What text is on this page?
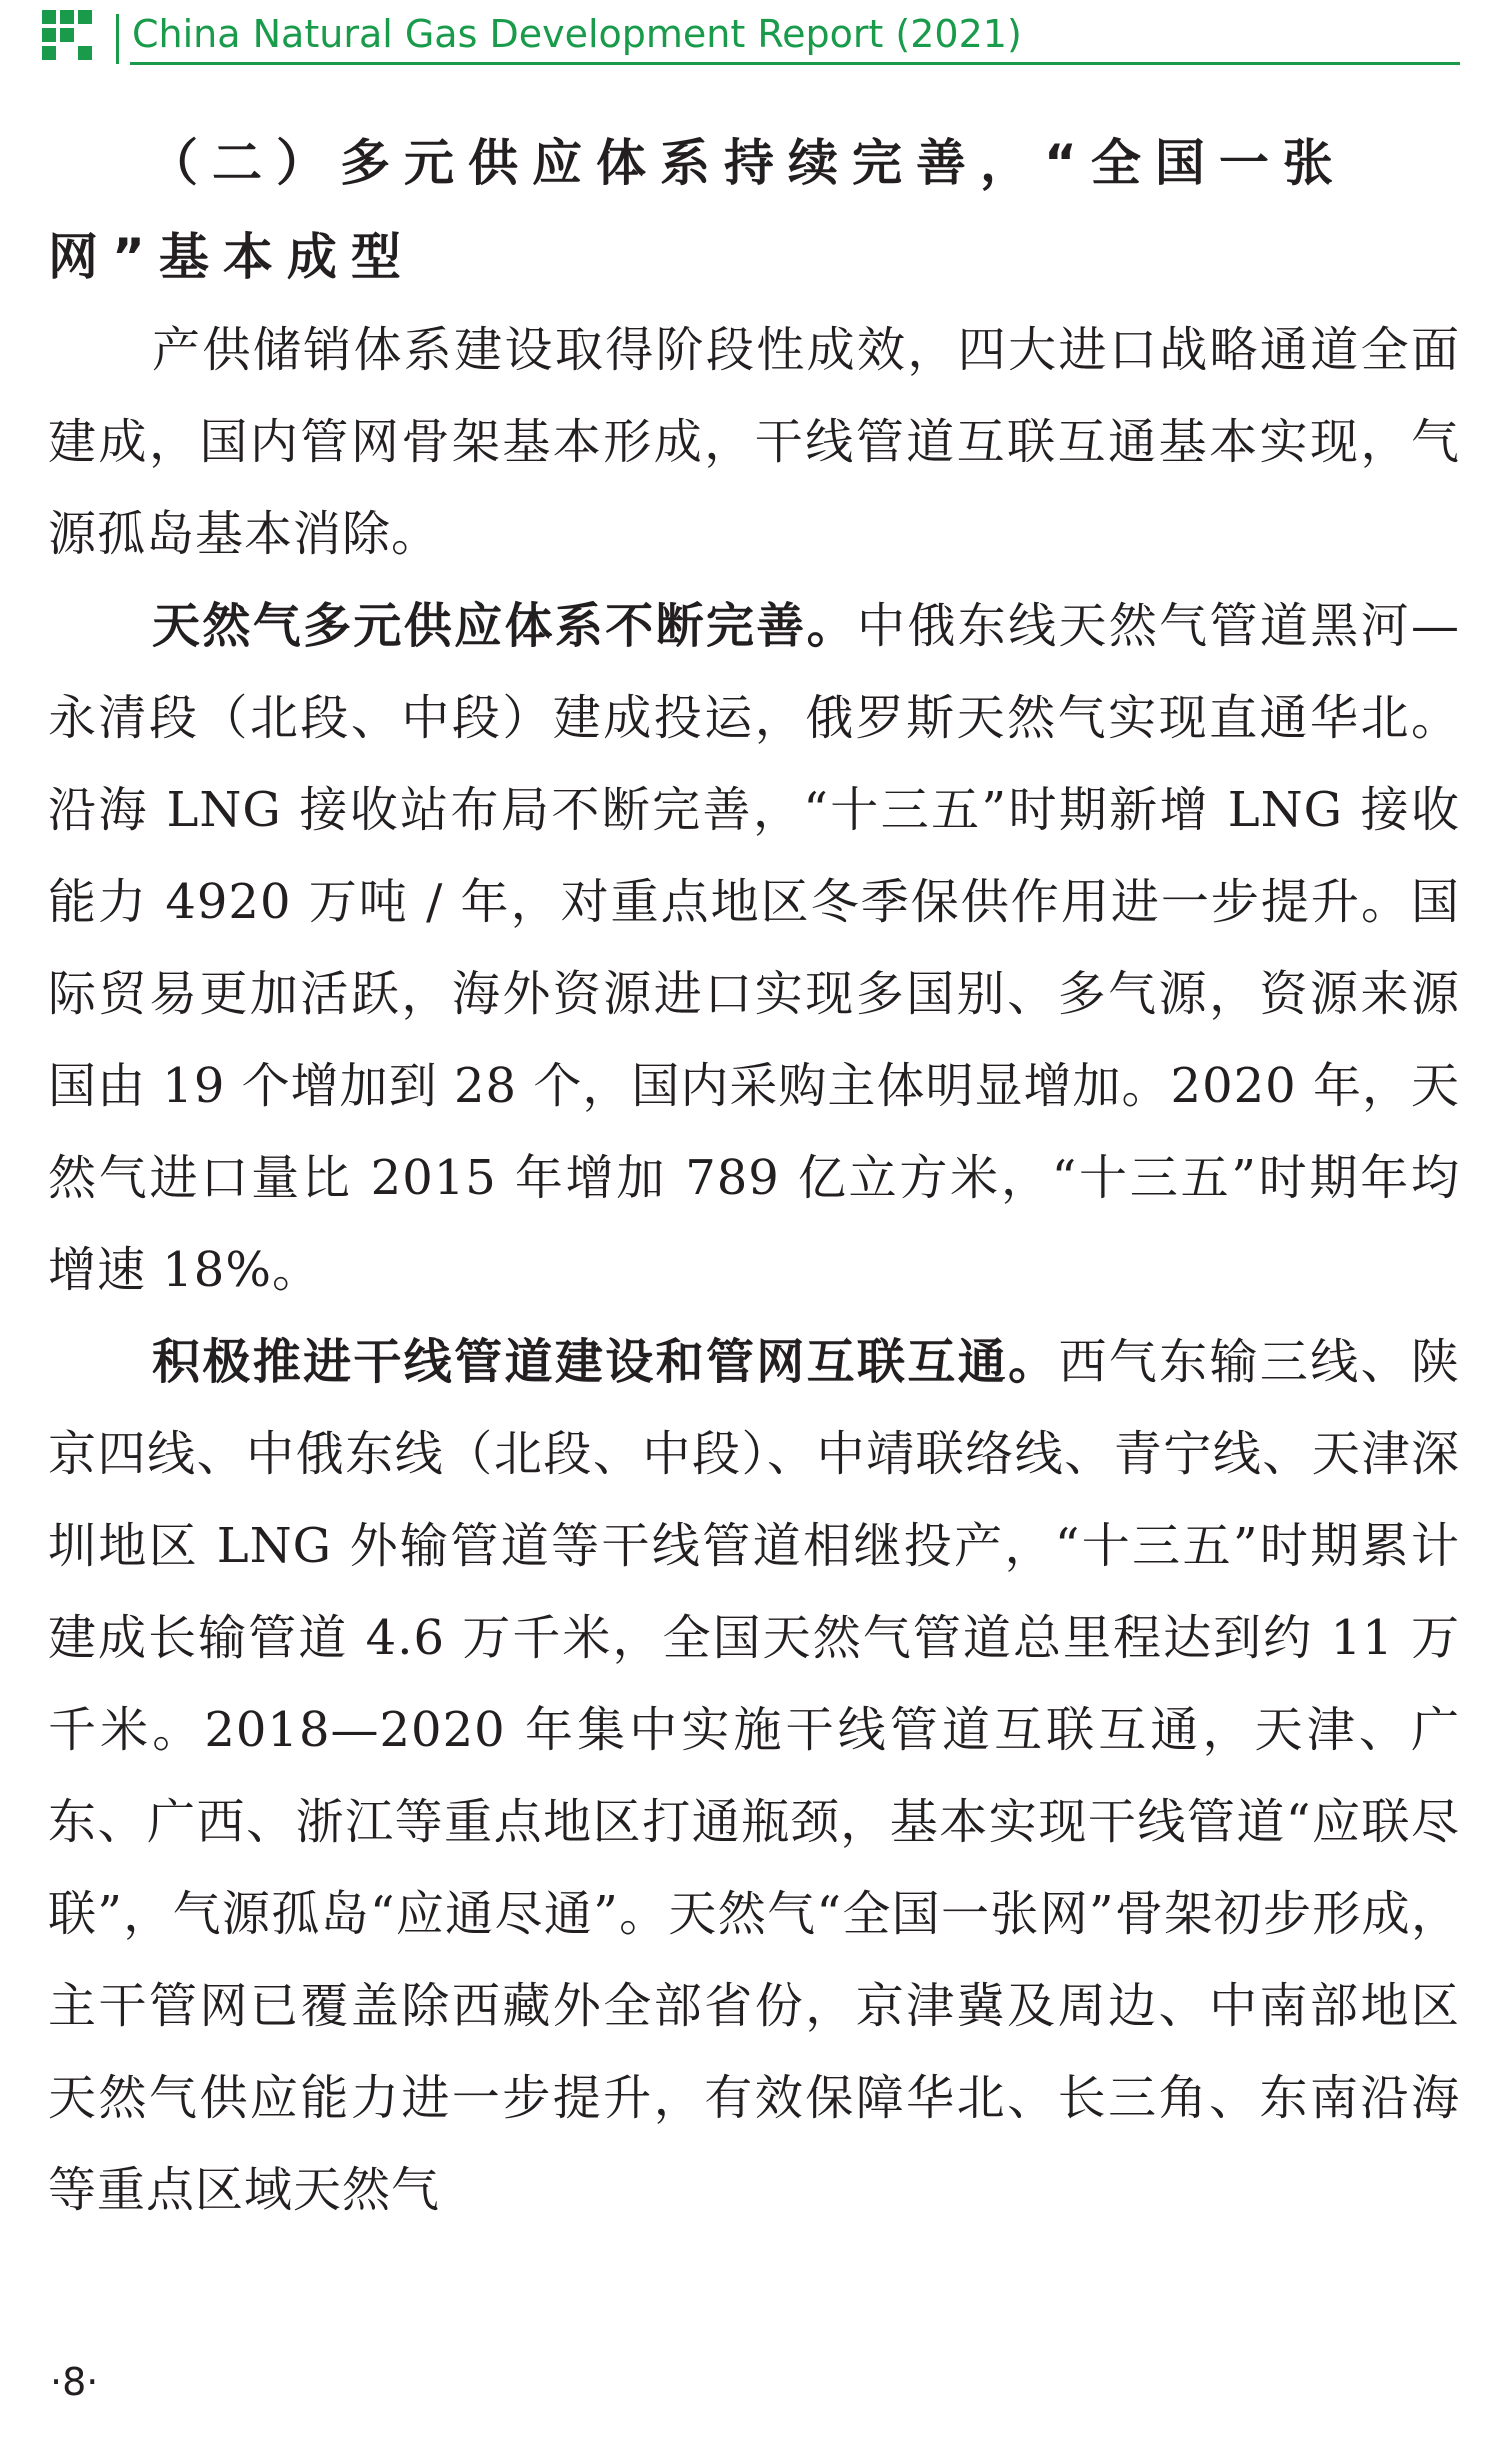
China Natural Gas Development Report (2021)
（二）多元供应体系持续完善，“全国一张网”基本成型

产供储销体系建设取得阶段性成效，四大进口战略通道全面建成，国内管网骨架基本形成，干线管道互联互通基本实现，气源孤岛基本消除。

天然气多元供应体系不断完善。中俄东线天然气管道黑河—永清段（北段、中段）建成投运，俄罗斯天然气实现直通华北。沿海 LNG 接收站布局不断完善，“十三五”时期新增 LNG 接收能力 4920 万吨 / 年，对重点地区冬季保供作用进一步提升。国际贸易更加活跃，海外资源进口实现多国别、多气源，资源来源国由 19 个增加到 28 个，国内采购主体明显增加。2020 年，天然气进口量比 2015 年增加 789 亿立方米，“十三五”时期年均增速 18%。

积极推进干线管道建设和管网互联互通。西气东输三线、陕京四线、中俄东线（北段、中段）、中靖联络线、青宁线、天津深圳地区 LNG 外输管道等干线管道相继投产，“十三五”时期累计建成长输管道 4.6 万千米，全国天然气管道总里程达到约 11 万千米。2018—2020 年集中实施干线管道互联互通，天津、广东、广西、浙江等重点地区打通瓶颈，基本实现干线管道“应联尽联”，气源孤岛“应通尽通”。天然气“全国一张网”骨架初步形成，主干管网已覆盖除西藏外全部省份，京津冀及周边、中南部地区天然气供应能力进一步提升，有效保障华北、长三角、东南沿海等重点区域天然气

·8·
